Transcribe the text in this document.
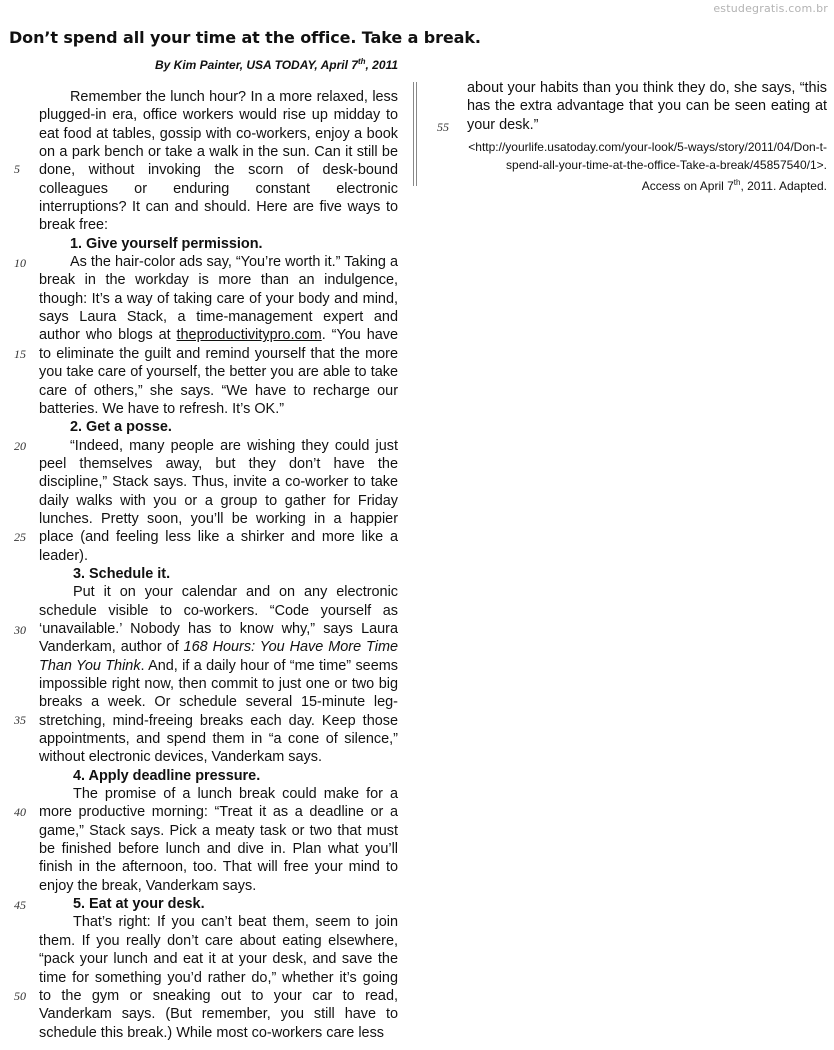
estudegratis.com.br
Don’t spend all your time at the office. Take a break.
By Kim Painter, USA TODAY, April 7th, 2011
5
10
15
20
25
30
35
40
45
50
55

Remember the lunch hour? In a more relaxed, less plugged-in era, office workers would rise up midday to eat food at tables, gossip with co-workers, enjoy a book on a park bench or take a walk in the sun. Can it still be done, without invoking the scorn of desk-bound colleagues or enduring constant electronic interruptions? It can and should. Here are five ways to break free:

1. Give yourself permission.

As the hair-color ads say, “You’re worth it.” Taking a break in the workday is more than an indulgence, though: It’s a way of taking care of your body and mind, says Laura Stack, a time-management expert and author who blogs at theproductivitypro.com. “You have to eliminate the guilt and remind yourself that the more you take care of yourself, the better you are able to take care of others,” she says. “We have to recharge our batteries. We have to refresh. It’s OK.”

2. Get a posse.

“Indeed, many people are wishing they could just peel themselves away, but they don’t have the discipline,” Stack says. Thus, invite a co-worker to take daily walks with you or a group to gather for Friday lunches. Pretty soon, you’ll be working in a happier place (and feeling less like a shirker and more like a leader).

3. Schedule it.

Put it on your calendar and on any electronic schedule visible to co-workers. “Code yourself as ‘unavailable.’ Nobody has to know why,” says Laura Vanderkam, author of 168 Hours: You Have More Time Than You Think. And, if a daily hour of “me time” seems impossible right now, then commit to just one or two big breaks a week. Or schedule several 15-minute leg-stretching, mind-freeing breaks each day. Keep those appointments, and spend them in “a cone of silence,” without electronic devices, Vanderkam says.

4. Apply deadline pressure.

The promise of a lunch break could make for a more productive morning: “Treat it as a deadline or a game,” Stack says. Pick a meaty task or two that must be finished before lunch and dive in. Plan what you’ll finish in the afternoon, too. That will free your mind to enjoy the break, Vanderkam says.

5. Eat at your desk.

That’s right: If you can’t beat them, seem to join them. If you really don’t care about eating elsewhere, “pack your lunch and eat it at your desk, and save the time for something you’d rather do,” whether it’s going to the gym or sneaking out to your car to read, Vanderkam says. (But remember, you still have to schedule this break.) While most co-workers care less

about your habits than you think they do, she says, “this has the extra advantage that you can be seen eating at your desk.”

<http://yourlife.usatoday.com/your-look/5-ways/story/2011/04/Don-t-spend-all-your-time-at-the-office-Take-a-break/45857540/1>.
Access on April 7th, 2011. Adapted.
